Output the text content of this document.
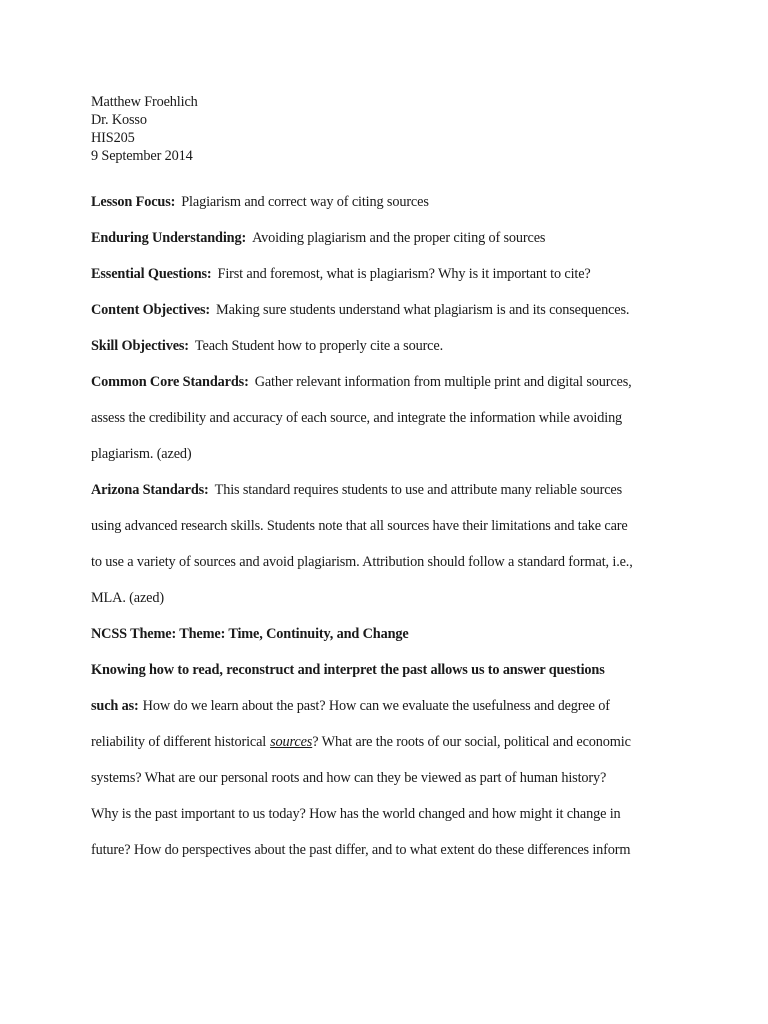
Matthew Froehlich
Dr. Kosso
HIS205
9 September 2014
Lesson Focus: Plagiarism and correct way of citing sources
Enduring Understanding: Avoiding plagiarism and the proper citing of sources
Essential Questions: First and foremost, what is plagiarism? Why is it important to cite?
Content Objectives: Making sure students understand what plagiarism is and its consequences.
Skill Objectives: Teach Student how to properly cite a source.
Common Core Standards: Gather relevant information from multiple print and digital sources,
assess the credibility and accuracy of each source, and integrate the information while avoiding
plagiarism. (azed)
Arizona Standards: This standard requires students to use and attribute many reliable sources
using advanced research skills. Students note that all sources have their limitations and take care
to use a variety of sources and avoid plagiarism. Attribution should follow a standard format, i.e.,
MLA. (azed)
NCSS Theme: Theme: Time, Continuity, and Change
Knowing how to read, reconstruct and interpret the past allows us to answer questions
such as: How do we learn about the past? How can we evaluate the usefulness and degree of
reliability of different historical sources? What are the roots of our social, political and economic
systems? What are our personal roots and how can they be viewed as part of human history?
Why is the past important to us today? How has the world changed and how might it change in
future? How do perspectives about the past differ, and to what extent do these differences inform
